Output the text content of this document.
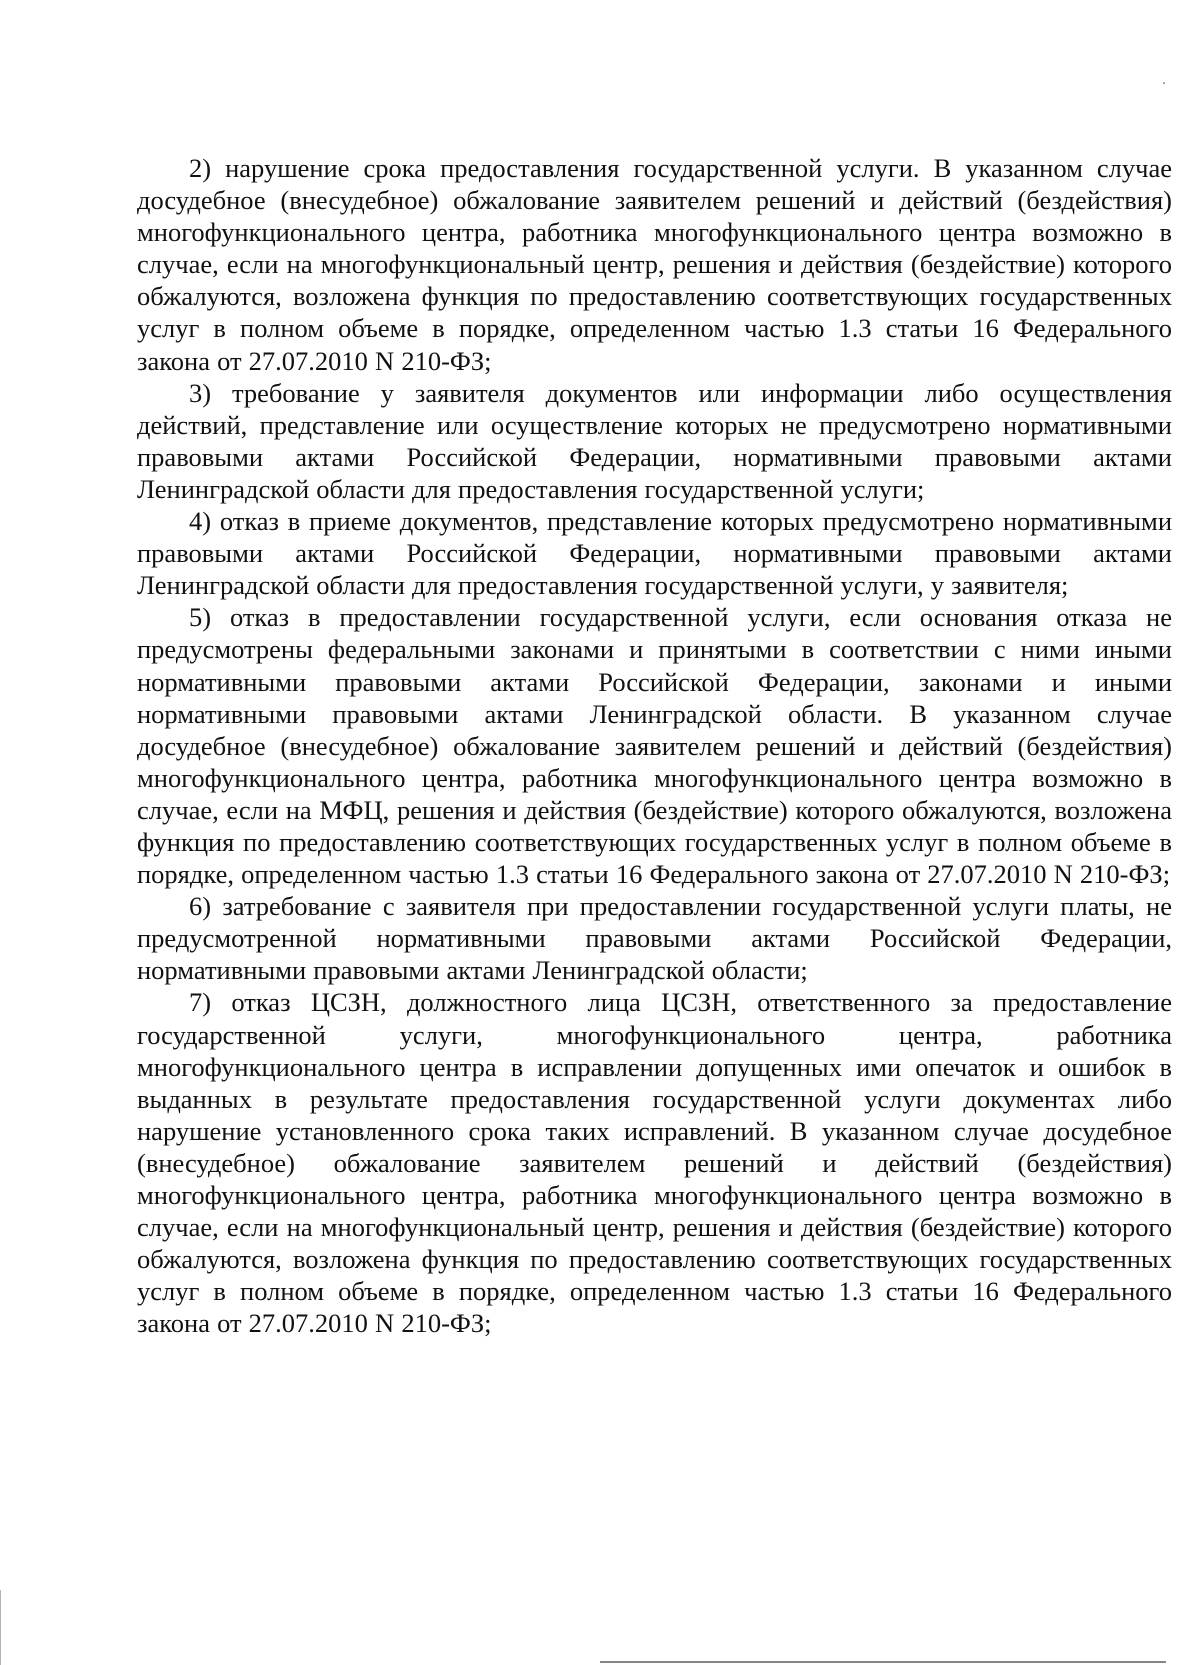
2) нарушение срока предоставления государственной услуги. В указанном случае досудебное (внесудебное) обжалование заявителем решений и действий (бездействия) многофункционального центра, работника многофункционального центра возможно в случае, если на многофункциональный центр, решения и действия (бездействие) которого обжалуются, возложена функция по предоставлению соответствующих государственных услуг в полном объеме в порядке, определенном частью 1.3 статьи 16 Федерального закона от 27.07.2010 N 210-ФЗ;

3) требование у заявителя документов или информации либо осуществления действий, представление или осуществление которых не предусмотрено нормативными правовыми актами Российской Федерации, нормативными правовыми актами Ленинградской области для предоставления государственной услуги;

4) отказ в приеме документов, представление которых предусмотрено нормативными правовыми актами Российской Федерации, нормативными правовыми актами Ленинградской области для предоставления государственной услуги, у заявителя;

5) отказ в предоставлении государственной услуги, если основания отказа не предусмотрены федеральными законами и принятыми в соответствии с ними иными нормативными правовыми актами Российской Федерации, законами и иными нормативными правовыми актами Ленинградской области. В указанном случае досудебное (внесудебное) обжалование заявителем решений и действий (бездействия) многофункционального центра, работника многофункционального центра возможно в случае, если на МФЦ, решения и действия (бездействие) которого обжалуются, возложена функция по предоставлению соответствующих государственных услуг в полном объеме в порядке, определенном частью 1.3 статьи 16 Федерального закона от 27.07.2010 N 210-ФЗ;

6) затребование с заявителя при предоставлении государственной услуги платы, не предусмотренной нормативными правовыми актами Российской Федерации, нормативными правовыми актами Ленинградской области;

7) отказ ЦСЗН, должностного лица ЦСЗН, ответственного за предоставление государственной услуги, многофункционального центра, работника многофункционального центра в исправлении допущенных ими опечаток и ошибок в выданных в результате предоставления государственной услуги документах либо нарушение установленного срока таких исправлений. В указанном случае досудебное (внесудебное) обжалование заявителем решений и действий (бездействия) многофункционального центра, работника многофункционального центра возможно в случае, если на многофункциональный центр, решения и действия (бездействие) которого обжалуются, возложена функция по предоставлению соответствующих государственных услуг в полном объеме в порядке, определенном частью 1.3 статьи 16 Федерального закона от 27.07.2010 N 210-ФЗ;
